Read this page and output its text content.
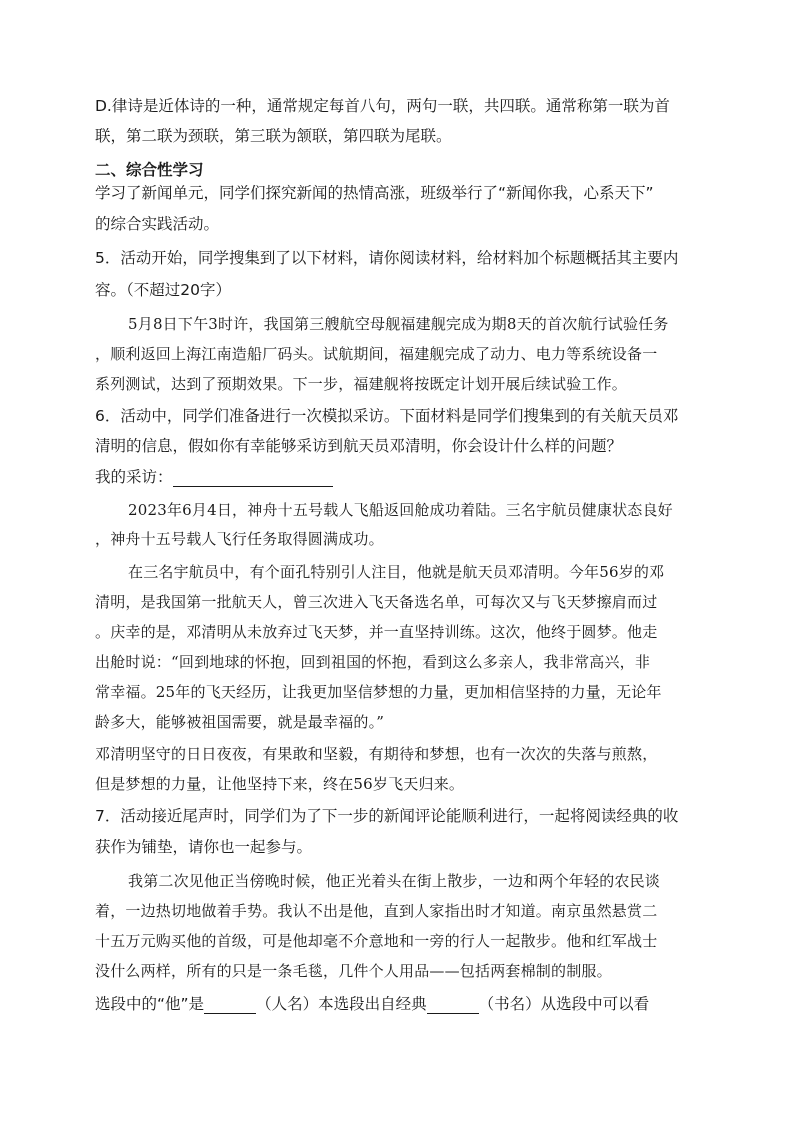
D.律诗是近体诗的一种，通常规定每首八句，两句一联，共四联。通常称第一联为首
联，第二联为颈联，第三联为颔联，第四联为尾联。
二、综合性学习
学习了新闻单元，同学们探究新闻的热情高涨，班级举行了“新闻你我，心系天下”
的综合实践活动。
5．活动开始，同学搜集到了以下材料，请你阅读材料，给材料加个标题概括其主要内
容。（不超过20字）
5月8日下午3时许，我国第三艘航空母舰福建舰完成为期8天的首次航行试验任务
，顺利返回上海江南造船厂码头。试航期间，福建舰完成了动力、电力等系统设备一
系列测试，达到了预期效果。下一步，福建舰将按既定计划开展后续试验工作。
6．活动中，同学们准备进行一次模拟采访。下面材料是同学们搜集到的有关航天员邓
清明的信息，假如你有幸能够采访到航天员邓清明，你会设计什么样的问题？
我的采访：
2023年6月4日，神舟十五号载人飞船返回舱成功着陆。三名宇航员健康状态良好
，神舟十五号载人飞行任务取得圆满成功。
在三名宇航员中，有个面孔特别引人注目，他就是航天员邓清明。今年56岁的邓
清明，是我国第一批航天人，曾三次进入飞天备选名单，可每次又与飞天梦擦肩而过
。庆幸的是，邓清明从未放弃过飞天梦，并一直坚持训练。这次，他终于圆梦。他走
出舱时说：“回到地球的怀抱，回到祖国的怀抱，看到这么多亲人，我非常高兴，非
常幸福。25年的飞天经历，让我更加坚信梦想的力量，更加相信坚持的力量，无论年
龄多大，能够被祖国需要，就是最幸福的。”
邓清明坚守的日日夜夜，有果敢和坚毅，有期待和梦想，也有一次次的失落与煎熬，
但是梦想的力量，让他坚持下来，终在56岁飞天归来。
7．活动接近尾声时，同学们为了下一步的新闻评论能顺利进行，一起将阅读经典的收
获作为铺垫，请你也一起参与。
我第二次见他正当傍晚时候，他正光着头在街上散步，一边和两个年轻的农民谈
着，一边热切地做着手势。我认不出是他，直到人家指出时才知道。南京虽然悬赏二
十五万元购买他的首级，可是他却毫不介意地和一旁的行人一起散步。他和红军战士
没什么两样，所有的只是一条毛毯，几件个人用品——包括两套棉制的制服。
选段中的“他”是	（人名）本选段出自经典	（书名）从选段中可以看
